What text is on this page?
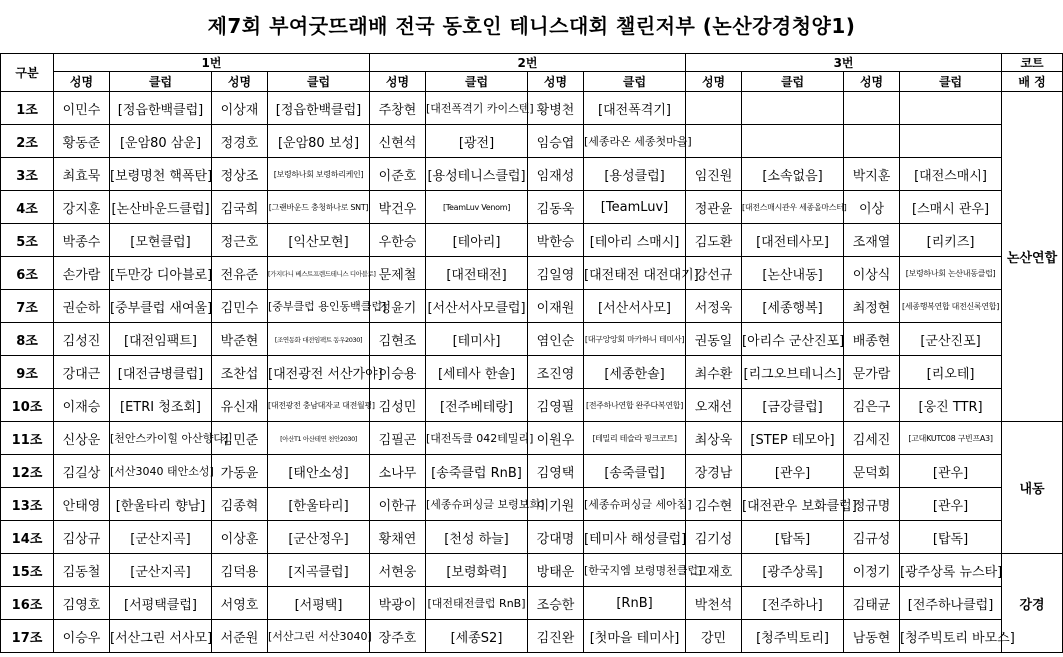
제7회 부여굿뜨래배 전국 동호인 테니스대회 챌린저부 (논산강경청양1)
구분	1번				2번				3번				코트
	성명	클럽	성명	클럽	성명	클럽	성명	클럽	성명	클럽	성명	클럽	배 정
1조	이민수	[정읍한백클럽]	이상재	[정읍한백클럽]	주창현	[대전폭격기 카이스텐]	황병천	[대전폭격기]					논산연합
2조	황동준	[운암80 삼운]	정경호	[운암80 보성]	신현석	[광전]	임승엽	[세종라온 세종첫마을]					
3조	최효묵	[보령명천 핵폭탄]	정상조	[보령하나회 보령하리케인]	이준호	[용성테니스클럽]	임재성	[용성클럽]	임진원	[소속없음]	박지훈	[대전스매시]	
4조	강지훈	[논산바운드클럽]	김국희	[그랜바운드 충청하나로 SNT]	박건우	[TeamLuv Venom]	김동욱	[TeamLuv]	정관윤	[대전스매시관우 세종올마스터]	이상	[스매시 관우]	
5조	박종수	[모현클럽]	정근호	[익산모현]	우한승	[테아리]	박한승	[테아리 스매시]	김도환	[대전테사모]	조재열	[리키즈]	
6조	손가람	[두만강 디아블로]	전유준	[가지다니 베스트프렌드테니스 디아블로]	문제철	[대전태전]	김일영	[대전태전 대전대기]	강선규	[논산내동]	이상식	[보령하나회 논산내동클럽]	
7조	권순하	[중부클럽 새여울]	김민수	[중부클럽 용인동백클럽]	정윤기	[서산서사모클럽]	이재원	[서산서사모]	서정욱	[세종행복]	최정현	[세종행복연합 대전신록연합]	
8조	김성진	[대전임팩트]	박준현	[조연동화 대전임팩트 동우2030]	김현조	[테미사]	염인순	[대구앙앙회 마카하니 테미사]	권동일	[아리수 군산진포]	배종현	[군산진포]	
9조	강대근	[대전금병클럽]	조찬섭	[대전광전 서산가야]	이승용	[세테사 한솔]	조진영	[세종한솔]	최수환	[리그오브테니스]	문가람	[리오테]	
10조	이재승	[ETRI 청조회]	유신재	[대전광전 충남대자교 대전월평]	김성민	[전주베테랑]	김영필	[전주하나연합 완주다복연합]	오재선	[금강클럽]	김은구	[웅진 TTR]	
11조	신상운	[천안스카이힐 아산향다]	김민준	[아산T1 아산테연 천안2030]	김필곤	[대전독클 042테밀리]	이원우	[테밀리 테슬라 핑크코트]	최상욱	[STEP 테모아]	김세진	[고대KUTC08 구빈프A3]	내동
12조	김길상	[서산3040 태안소성]	가동윤	[태안소성]	소나무	[송죽클럽 RnB]	김영택	[송죽클럽]	장경남	[관우]	문덕회	[관우]	
13조	안태영	[한울타리 향남]	김종혁	[한울타리]	이한규	[세종슈퍼싱글 보령보희]	이기원	[세종슈퍼싱글 세아침]	김수현	[대전관우 보화클럽]	정규명	[관우]	
14조	김상규	[군산지곡]	이상훈	[군산정우]	황채연	[천성 하늘]	강대명	[테미사 해성클럽]	김기성	[탑독]	김규성	[탑독]	
15조	김동철	[군산지곡]	김덕용	[지곡클럽]	서현웅	[보령화력]	방태운	[한국지엠 보령명천클럽]	고재호	[광주상록]	이정기	[광주상록 뉴스타]	강경
16조	김영호	[서평택클럽]	서영호	[서평택]	박광이	[대전태전클럽 RnB]	조승한	[RnB]	박천석	[전주하나]	김태균	[전주하나클럽]	
17조	이승우	[서산그린 서사모]	서준원	[서산그린 서산3040]	장주호	[세종S2]	김진완	[첫마을 테미사]	강민	[청주빅토리]	남동현	[청주빅토리 바모스]	
